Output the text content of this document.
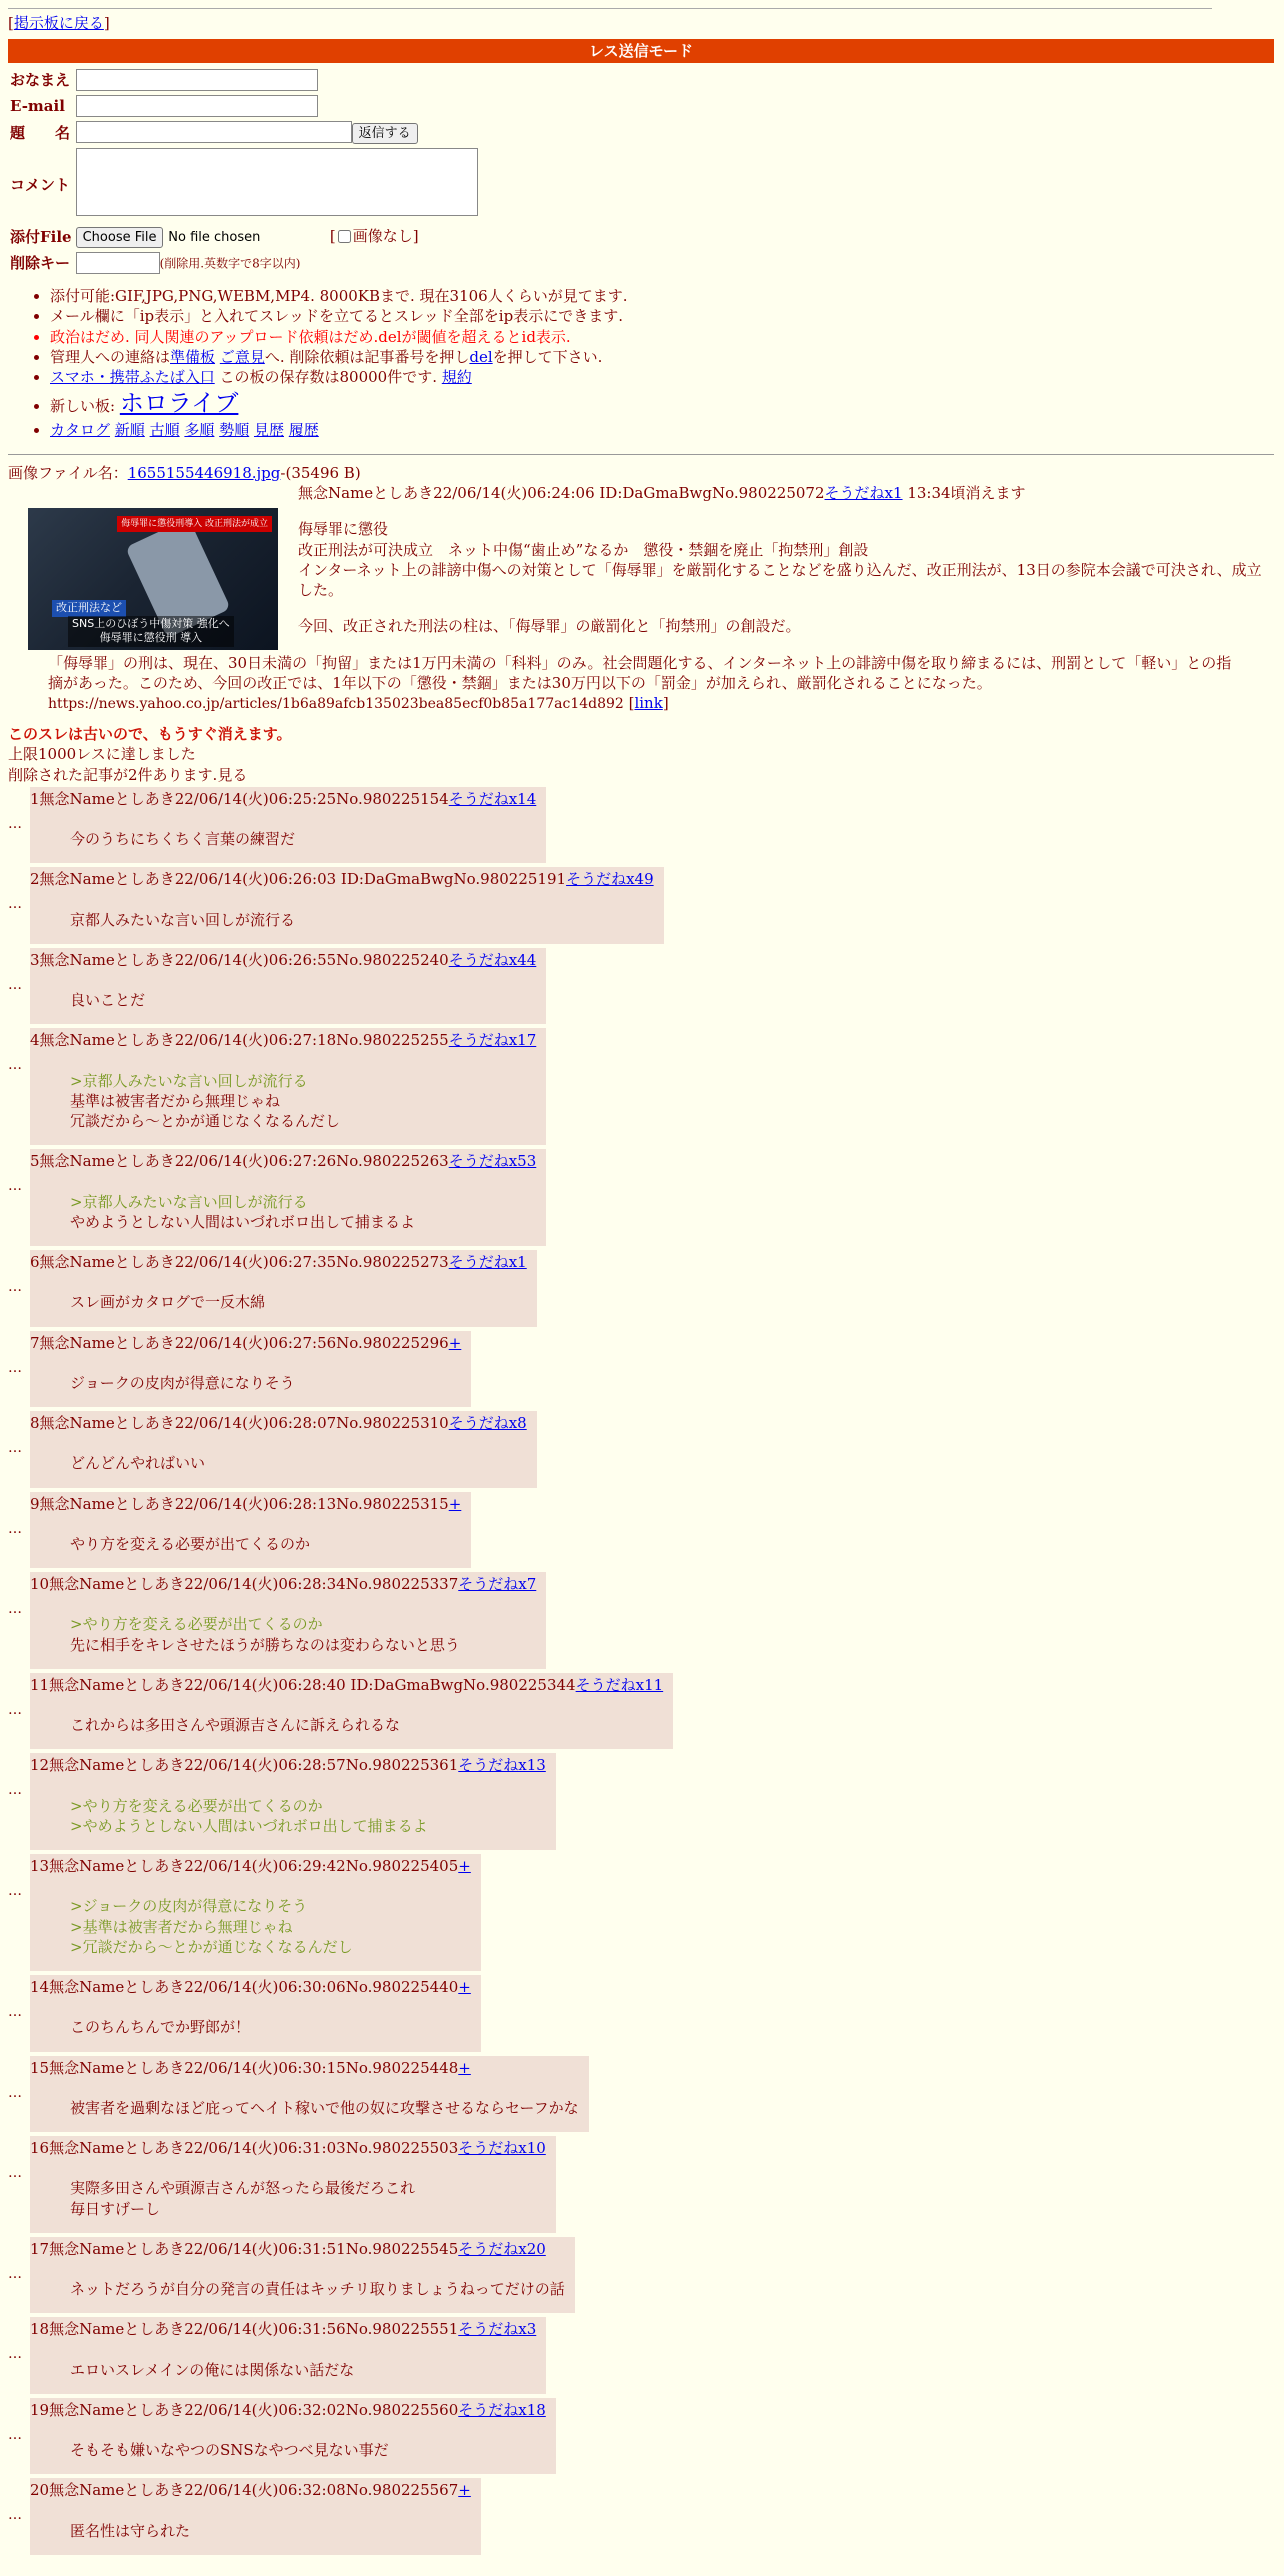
[掲示板に戻る]
レス送信モード
おなまえ	
E-mail	
題　　名	返信する
コメント	
添付File	Choose File No file chosen [ 画像なし]
削除キー	(削除用.英数字で8字以内)
• 添付可能:GIF,JPG,PNG,WEBM,MP4. 8000KBまで. 現在3106人くらいが見てます.
• メール欄に「ip表示」と入れてスレッドを立てるとスレッド全部をip表示にできます.
• 政治はだめ. 同人関連のアップロード依頼はだめ.delが閾値を超えるとid表示.
• 管理人への連絡は準備板 ご意見へ. 削除依頼は記事番号を押しdelを押して下さい.
• スマホ・携帯ふたば入口 この板の保存数は80000件です. 規約
• 新しい板: ホロライブ
• カタログ 新順 古順 多順 勢順 見歴 履歴
画像ファイル名：1655155446918.jpg-(35496 B)
侮辱罪に懲役刑導入 改正刑法が成立
改正刑法など
SNS上のひぼう中傷対策 強化へ
侮辱罪に懲役刑 導入
無念Nameとしあき22/06/14(火)06:24:06 ID:DaGmaBwgNo.980225072そうだねx1 13:34頃消えます
侮辱罪に懲役
改正刑法が可決成立　ネット中傷“歯止め”なるか　懲役・禁錮を廃止「拘禁刑」創設
インターネット上の誹謗中傷への対策として「侮辱罪」を厳罰化することなどを盛り込んだ、改正刑法が、13日の参院本会議で可決され、成立した。
今回、改正された刑法の柱は、「侮辱罪」の厳罰化と「拘禁刑」の創設だ。
「侮辱罪」の刑は、現在、30日未満の「拘留」または1万円未満の「科料」のみ。社会問題化する、インターネット上の誹謗中傷を取り締まるには、刑罰として「軽い」との指摘があった。このため、今回の改正では、1年以下の「懲役・禁錮」または30万円以下の「罰金」が加えられ、厳罰化されることになった。
https://news.yahoo.co.jp/articles/1b6a89afcb135023bea85ecf0b85a177ac14d892 [link]
このスレは古いので、もうすぐ消えます。
上限1000レスに達しました
削除された記事が2件あります.見る
…
1無念Nameとしあき22/06/14(火)06:25:25No.980225154そうだねx14
今のうちにちくちく言葉の練習だ
…
2無念Nameとしあき22/06/14(火)06:26:03 ID:DaGmaBwgNo.980225191そうだねx49
京都人みたいな言い回しが流行る
…
3無念Nameとしあき22/06/14(火)06:26:55No.980225240そうだねx44
良いことだ
…
4無念Nameとしあき22/06/14(火)06:27:18No.980225255そうだねx17
>京都人みたいな言い回しが流行る
基準は被害者だから無理じゃね
冗談だから～とかが通じなくなるんだし
…
5無念Nameとしあき22/06/14(火)06:27:26No.980225263そうだねx53
>京都人みたいな言い回しが流行る
やめようとしない人間はいづれボロ出して捕まるよ
…
6無念Nameとしあき22/06/14(火)06:27:35No.980225273そうだねx1
スレ画がカタログで一反木綿
…
7無念Nameとしあき22/06/14(火)06:27:56No.980225296+
ジョークの皮肉が得意になりそう
…
8無念Nameとしあき22/06/14(火)06:28:07No.980225310そうだねx8
どんどんやればいい
…
9無念Nameとしあき22/06/14(火)06:28:13No.980225315+
やり方を変える必要が出てくるのか
…
10無念Nameとしあき22/06/14(火)06:28:34No.980225337そうだねx7
>やり方を変える必要が出てくるのか
先に相手をキレさせたほうが勝ちなのは変わらないと思う
…
11無念Nameとしあき22/06/14(火)06:28:40 ID:DaGmaBwgNo.980225344そうだねx11
これからは多田さんや頭源吉さんに訴えられるな
…
12無念Nameとしあき22/06/14(火)06:28:57No.980225361そうだねx13
>やり方を変える必要が出てくるのか
>やめようとしない人間はいづれボロ出して捕まるよ
…
13無念Nameとしあき22/06/14(火)06:29:42No.980225405+
>ジョークの皮肉が得意になりそう
>基準は被害者だから無理じゃね
>冗談だから～とかが通じなくなるんだし
…
14無念Nameとしあき22/06/14(火)06:30:06No.980225440+
このちんちんでか野郎が！
…
15無念Nameとしあき22/06/14(火)06:30:15No.980225448+
被害者を過剰なほど庇ってヘイト稼いで他の奴に攻撃させるならセーフかな
…
16無念Nameとしあき22/06/14(火)06:31:03No.980225503そうだねx10
実際多田さんや頭源吉さんが怒ったら最後だろこれ
毎日すげーし
…
17無念Nameとしあき22/06/14(火)06:31:51No.980225545そうだねx20
ネットだろうが自分の発言の責任はキッチリ取りましょうねってだけの話
…
18無念Nameとしあき22/06/14(火)06:31:56No.980225551そうだねx3
エロいスレメインの俺には関係ない話だな
…
19無念Nameとしあき22/06/14(火)06:32:02No.980225560そうだねx18
そもそも嫌いなやつのSNSなやつべ見ない事だ
…
20無念Nameとしあき22/06/14(火)06:32:08No.980225567+
匿名性は守られた
